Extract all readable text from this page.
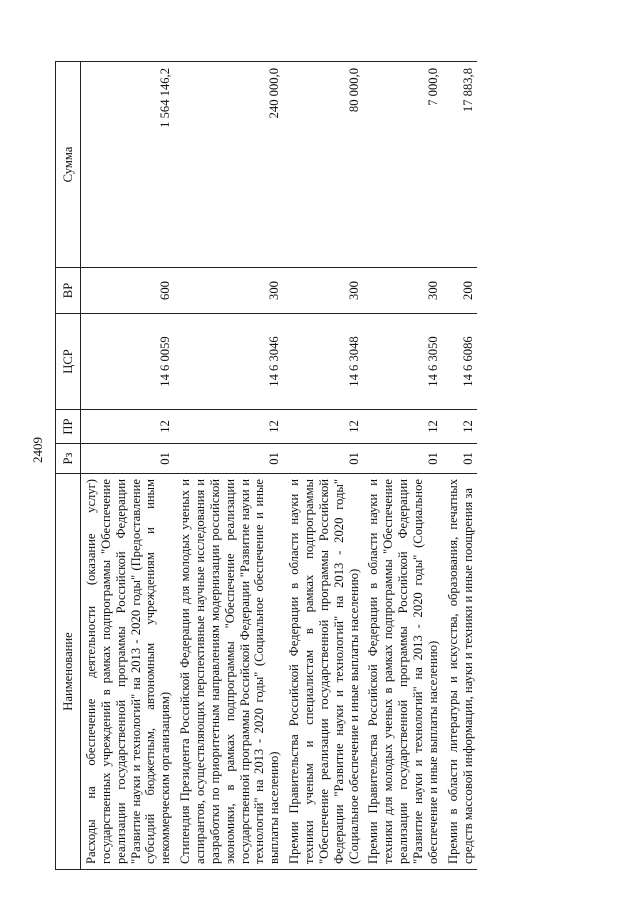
2409
Наименование	Рз	ПР	ЦСР	ВР	Сумма
Расходы на обеспечение деятельности (оказание услуг) государственных учреждений в рамках подпрограммы "Обеспечение реализации государственной программы Российской Федерации "Развитие науки и технологий" на 2013 - 2020 годы" (Предоставление субсидий бюджетным, автономным учреждениям и иным некоммерческим организациям)	01	12	14 6 0059	600	1 564 146,2
Стипендия Президента Российской Федерации для молодых ученых и аспирантов, осуществляющих перспективные научные исследования и разработки по приоритетным направлениям модернизации российской экономики, в рамках подпрограммы "Обеспечение реализации государственной программы Российской Федерации "Развитие науки и технологий" на 2013 - 2020 годы" (Социальное обеспечение и иные выплаты населению)	01	12	14 6 3046	300	240 000,0
Премии Правительства Российской Федерации в области науки и техники ученым и специалистам в рамках подпрограммы "Обеспечение реализации государственной программы Российской Федерации "Развитие науки и технологий" на 2013 - 2020 годы" (Социальное обеспечение и иные выплаты населению)	01	12	14 6 3048	300	80 000,0
Премии Правительства Российской Федерации в области науки и техники для молодых ученых в рамках подпрограммы "Обеспечение реализации государственной программы Российской Федерации "Развитие науки и технологий" на 2013 - 2020 годы" (Социальное обеспечение и иные выплаты населению)	01	12	14 6 3050	300	7 000,0
Премии в области литературы и искусства, образования, печатных средств массовой информации, науки и техники и иные поощрения за	01	12	14 6 6086	200	17 883,8
